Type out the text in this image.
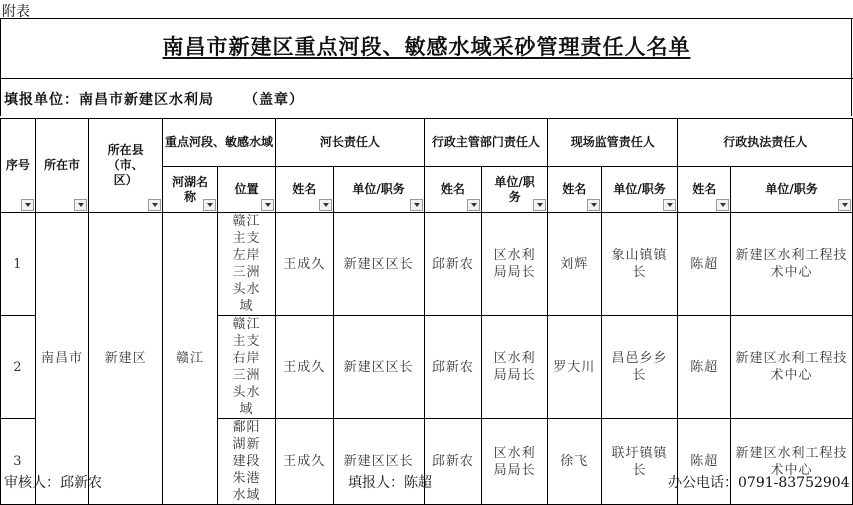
附表
南昌市新建区重点河段、敏感水域采砂管理责任人名单
填报单位：南昌市新建区水利局 （盖章）
序号	所在市	所在县（市、区）	重点河段、敏感水域		河长责任人		行政主管部门责任人		现场监管责任人		行政执法责任人	
			河湖名称	位置	姓名	单位/职务	姓名	单位/职务	姓名	单位/职务	姓名	单位/职务

1	南昌市	新建区	赣江	赣江主支左岸三洲头水域	王成久	新建区区长	邱新农	区水利局局长	刘辉	象山镇镇长	陈超	新建区水利工程技术中心
2				赣江主支右岸三洲头水域	王成久	新建区区长	邱新农	区水利局局长	罗大川	昌邑乡乡长	陈超	新建区水利工程技术中心
3				鄱阳湖新建段朱港水域	王成久	新建区区长	邱新农	区水利局局长	徐飞	联圩镇镇长	陈超	新建区水利工程技术中心
审核人：邱新农	填报人：陈超	办公电话：0791-83752904
